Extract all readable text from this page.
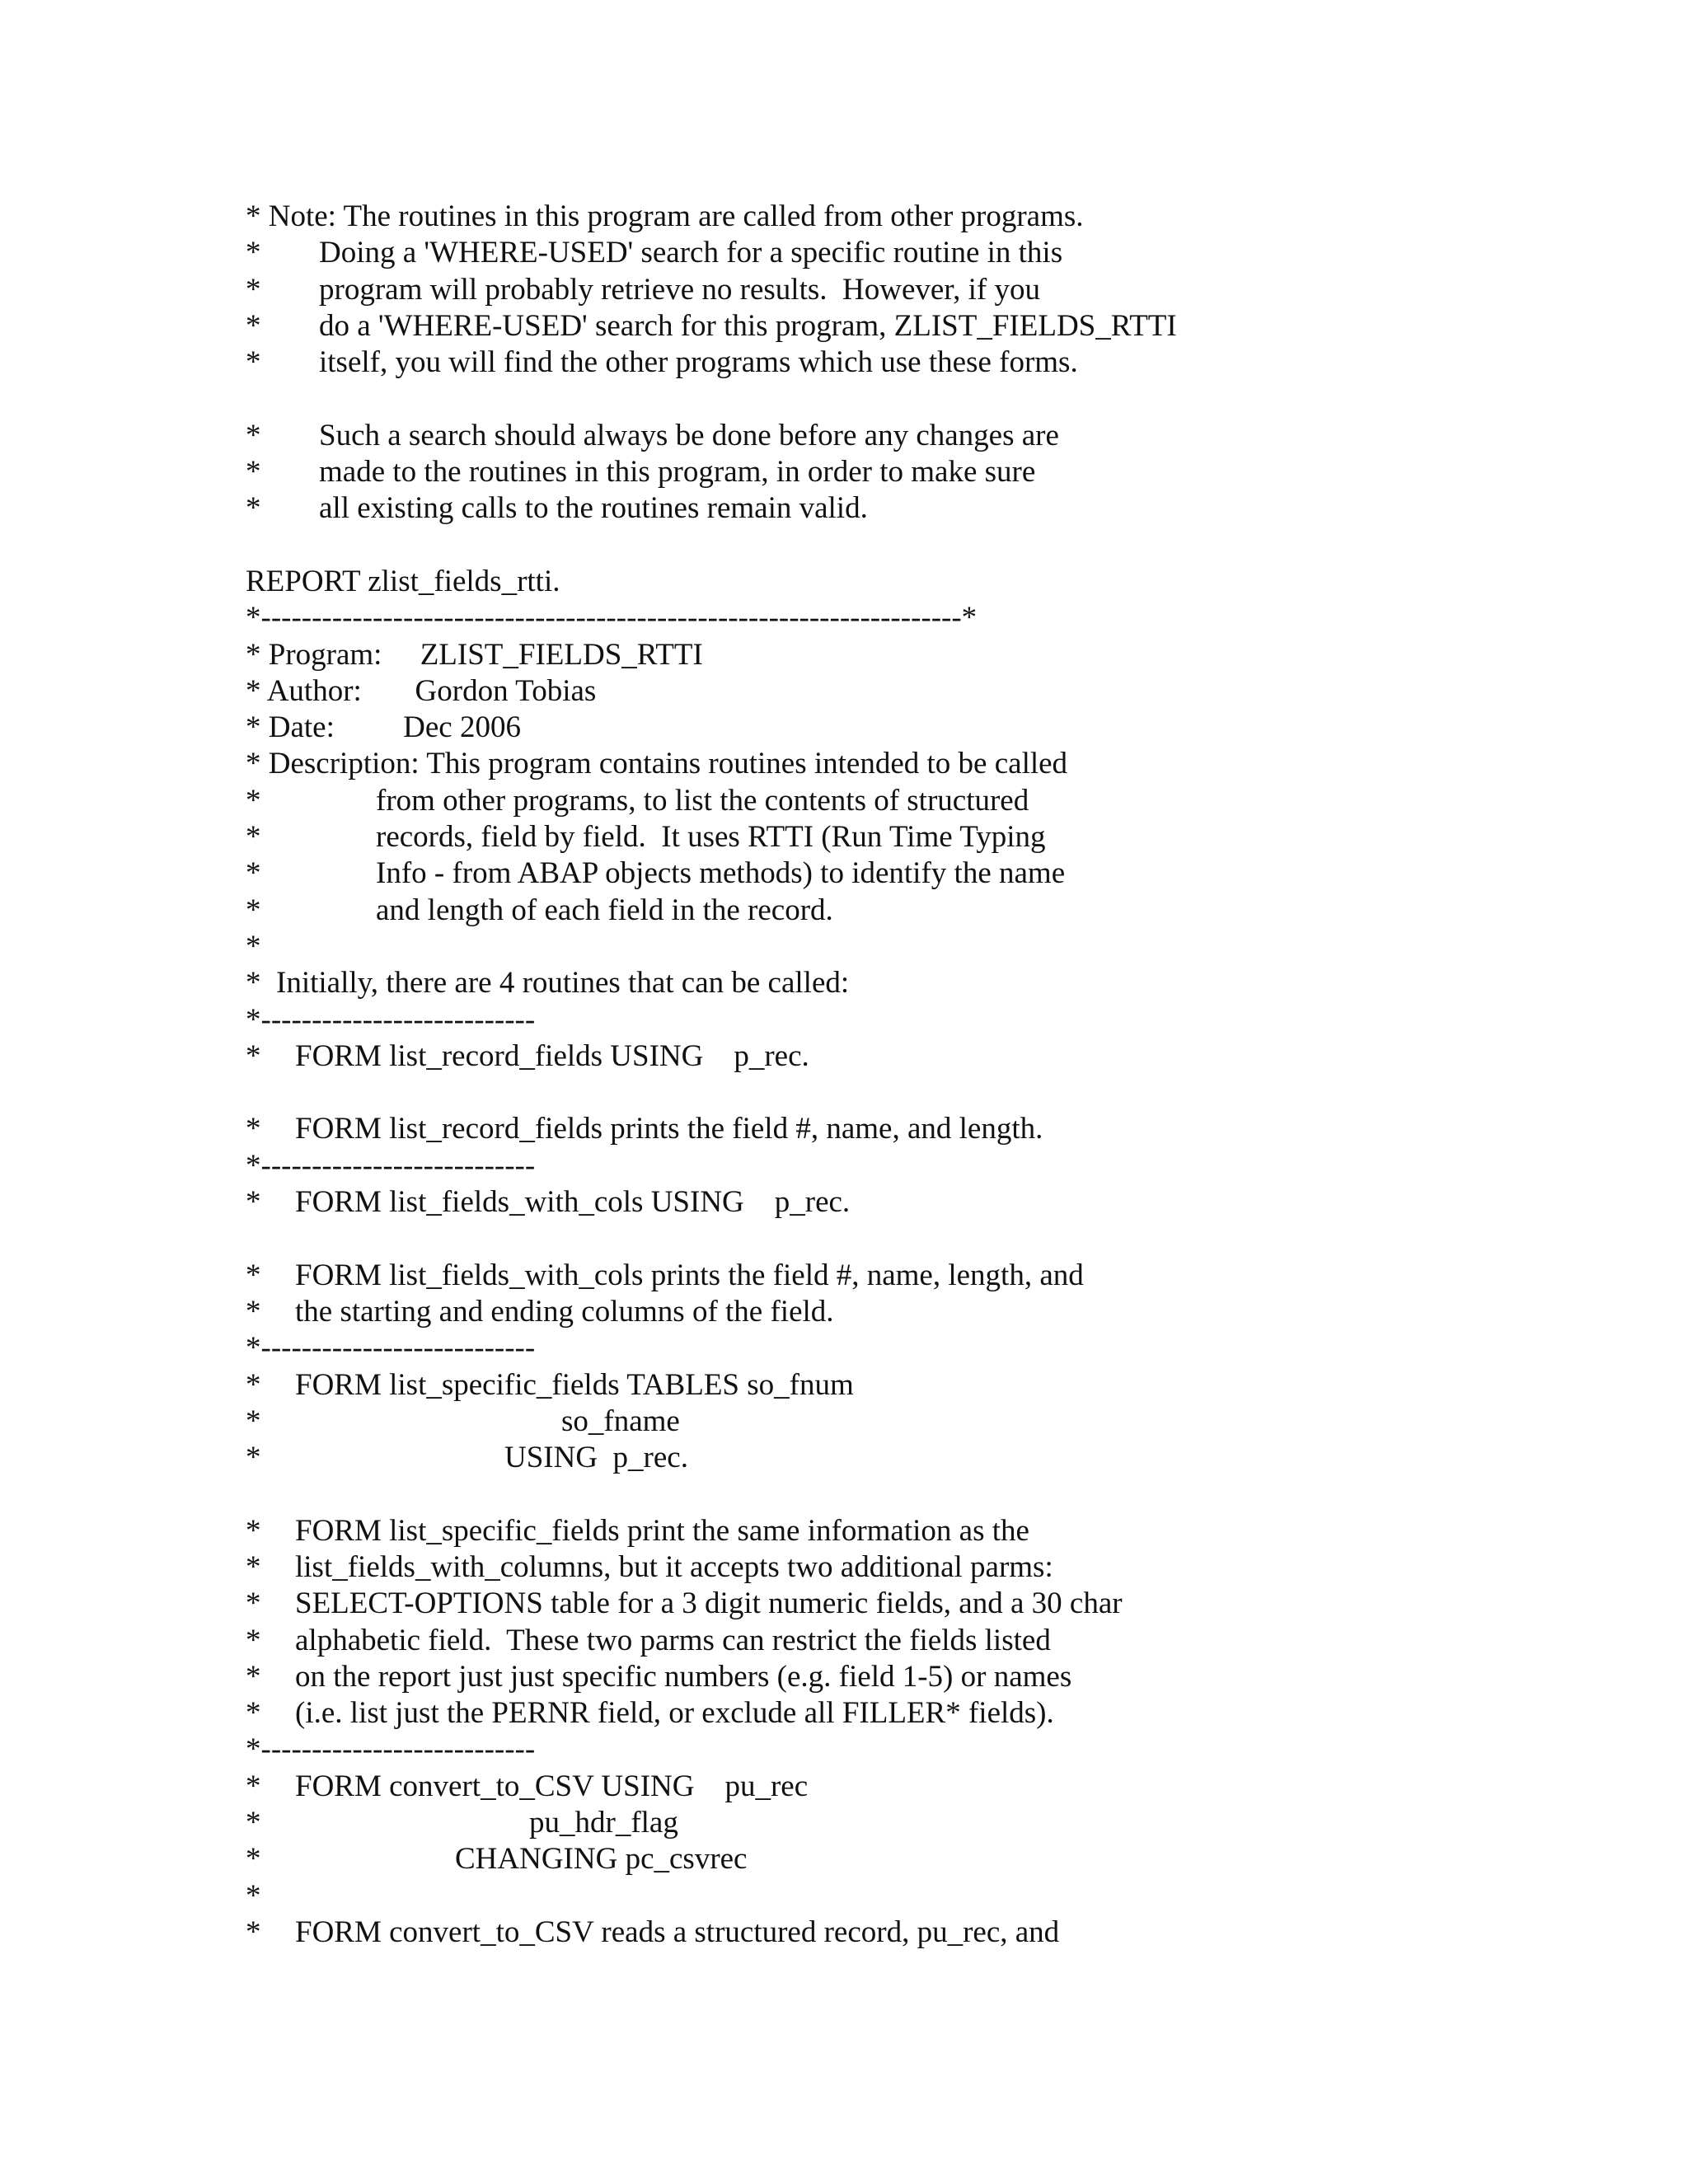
* Note: The routines in this program are called from other programs.
* Doing a 'WHERE-USED' search for a specific routine in this
* program will probably retrieve no results.  However, if you
* do a 'WHERE-USED' search for this program, ZLIST_FIELDS_RTTI
* itself, you will find the other programs which use these forms.
* Such a search should always be done before any changes are
* made to the routines in this program, in order to make sure
* all existing calls to the routines remain valid.
REPORT zlist_fields_rtti.
*---------------------------------------------------------------------*
* Program:     ZLIST_FIELDS_RTTI
* Author:       Gordon Tobias
* Date:         Dec 2006
* Description: This program contains routines intended to be called
*	from other programs, to list the contents of structured
*	records, field by field.  It uses RTTI (Run Time Typing
*	Info - from ABAP objects methods) to identify the name
*	and length of each field in the record.
*
*  Initially, there are 4 routines that can be called:
*---------------------------
* FORM list_record_fields USING    p_rec.
* FORM list_record_fields prints the field #, name, and length.
*---------------------------
* FORM list_fields_with_cols USING    p_rec.
* FORM list_fields_with_cols prints the field #, name, length, and
* the starting and ending columns of the field.
*---------------------------
* FORM list_specific_fields TABLES so_fnum
*	so_fname
*	USING  p_rec.
* FORM list_specific_fields print the same information as the
* list_fields_with_columns, but it accepts two additional parms:
* SELECT-OPTIONS table for a 3 digit numeric fields, and a 30 char
* alphabetic field.  These two parms can restrict the fields listed
* on the report just just specific numbers (e.g. field 1-5) or names
* (i.e. list just the PERNR field, or exclude all FILLER* fields).
*---------------------------
* FORM convert_to_CSV USING    pu_rec
*	pu_hdr_flag
*	CHANGING pc_csvrec
*
* FORM convert_to_CSV reads a structured record, pu_rec, and
